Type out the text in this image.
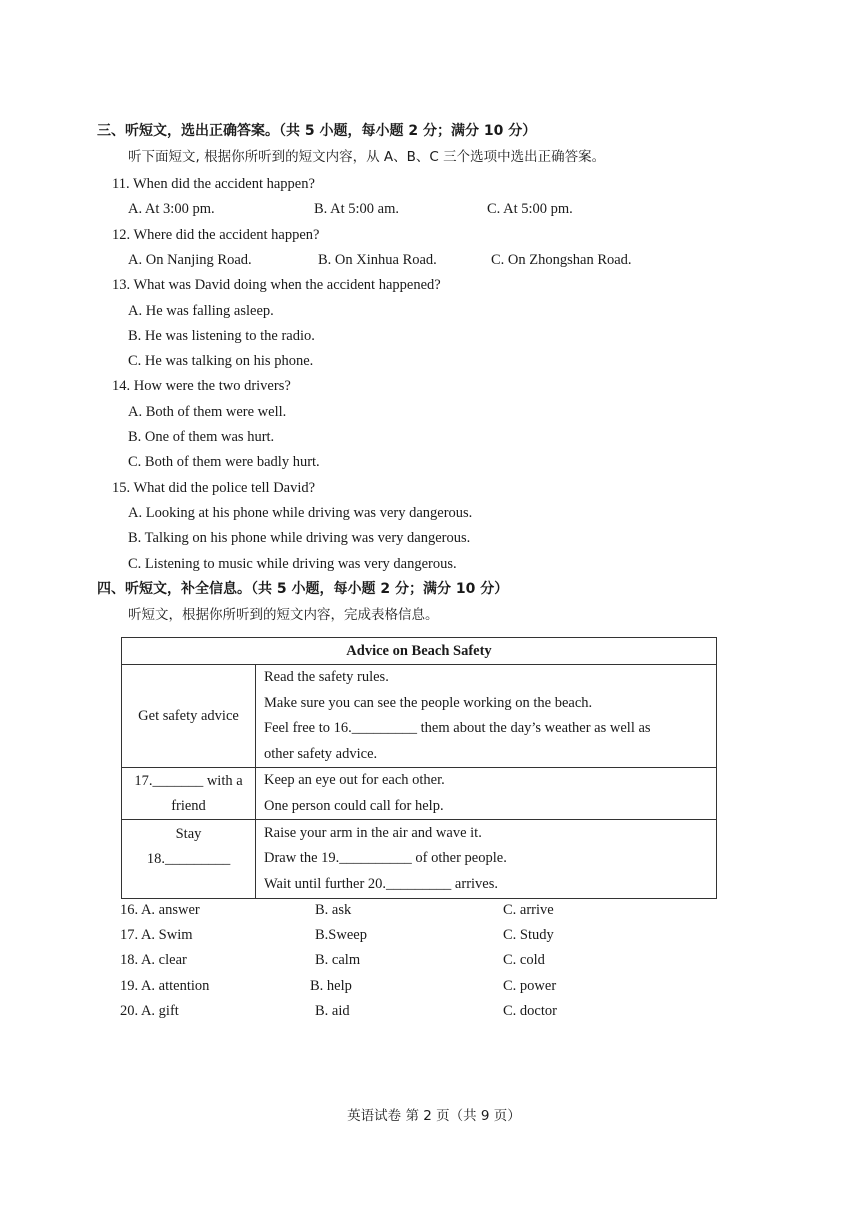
三、听短文，选出正确答案。（共 5 小题，每小题 2 分；满分 10 分）
听下面短文, 根据你所听到的短文内容，从 A、B、C 三个选项中选出正确答案。
11. When did the accident happen?
A. At 3:00 pm.	B. At 5:00 am.	C. At 5:00 pm.
12. Where did the accident happen?
A. On Nanjing Road.	B. On Xinhua Road.	C. On Zhongshan Road.
13. What was David doing when the accident happened?
A. He was falling asleep.
B. He was listening to the radio.
C. He was talking on his phone.
14. How were the two drivers?
A. Both of them were well.
B. One of them was hurt.
C. Both of them were badly hurt.
15. What did the police tell David?
A. Looking at his phone while driving was very dangerous.
B. Talking on his phone while driving was very dangerous.
C. Listening to music while driving was very dangerous.
四、听短文，补全信息。（共 5 小题，每小题 2 分；满分 10 分）
听短文，根据你所听到的短文内容，完成表格信息。
Advice on Beach Safety	
Get safety advice	Read the safety rules.
Make sure you can see the people working on the beach.
Feel free to 16._________ them about the day’s weather as well as
other safety advice.

17._______ with a
friend	Keep an eye out for each other.
One person could call for help.

Stay
18._________	Raise your arm in the air and wave it.
Draw the 19.__________ of other people.
Wait until further 20._________ arrives.
16. A. answer	B. ask	C. arrive
17. A. Swim	B.Sweep	C. Study
18. A. clear	B. calm	C. cold
19. A. attention	B. help	C. power
20. A. gift	B. aid	C. doctor
英语试卷 第 2 页（共 9 页）
